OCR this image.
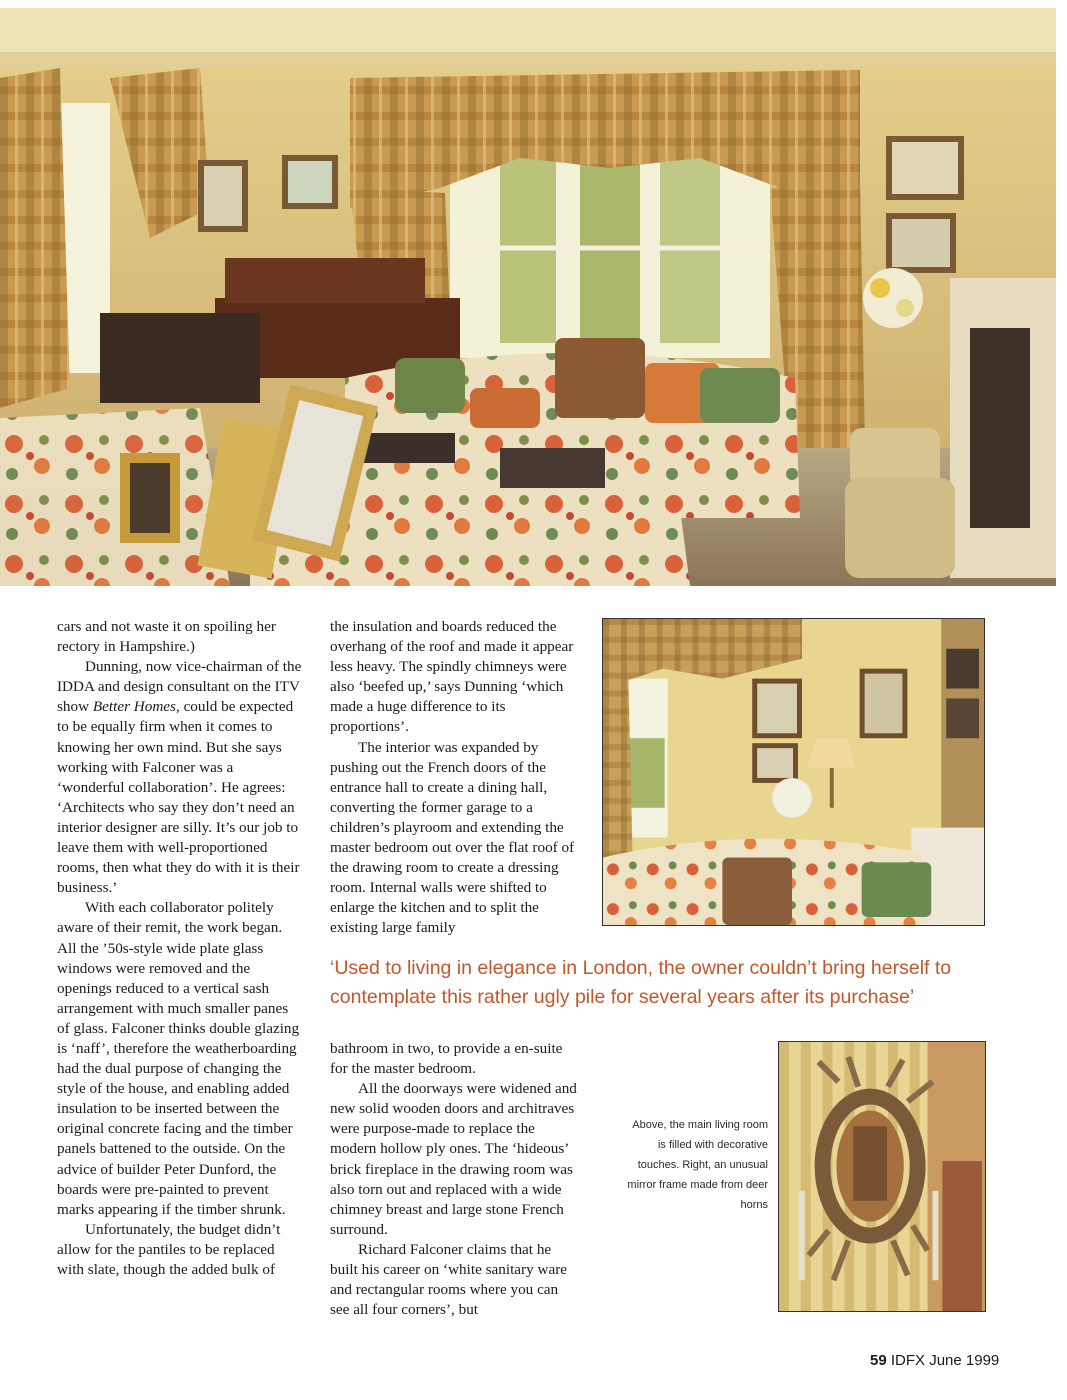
cars and not waste it on spoiling her rectory in Hampshire.)

Dunning, now vice-chairman of the IDDA and design consultant on the ITV show Better Homes, could be expected to be equally firm when it comes to knowing her own mind. But she says working with Falconer was a ‘wonderful collaboration’. He agrees: ‘Architects who say they don’t need an interior designer are silly. It’s our job to leave them with well-proportioned rooms, then what they do with it is their business.’

With each collaborator politely aware of their remit, the work began. All the ’50s-style wide plate glass windows were removed and the openings reduced to a vertical sash arrangement with much smaller panes of glass. Falconer thinks double glazing is ‘naff’, therefore the weatherboarding had the dual purpose of changing the style of the house, and enabling added insulation to be inserted between the original concrete facing and the timber panels battened to the outside. On the advice of builder Peter Dunford, the boards were pre-painted to prevent marks appearing if the timber shrunk.

Unfortunately, the budget didn’t allow for the pantiles to be replaced with slate, though the added bulk of

the insulation and boards reduced the overhang of the roof and made it appear less heavy. The spindly chimneys were also ‘beefed up,’ says Dunning ‘which made a huge difference to its proportions’.

The interior was expanded by pushing out the French doors of the entrance hall to create a dining hall, converting the former garage to a children’s playroom and extending the master bedroom out over the flat roof of the drawing room to create a dressing room. Internal walls were shifted to enlarge the kitchen and to split the existing large family

‘Used to living in elegance in London, the owner couldn’t bring herself to contemplate this rather ugly pile for several years after its purchase’

bathroom in two, to provide a en-suite for the master bedroom.

All the doorways were widened and new solid wooden doors and architraves were purpose-made to replace the modern hollow ply ones. The ‘hideous’ brick fireplace in the drawing room was also torn out and replaced with a wide chimney breast and large stone French surround.

Richard Falconer claims that he built his career on ‘white sanitary ware and rectangular rooms where you can see all four corners’, but

Above, the main living room is filled with decorative touches. Right, an unusual mirror frame made from deer horns

59 IDFX June 1999
